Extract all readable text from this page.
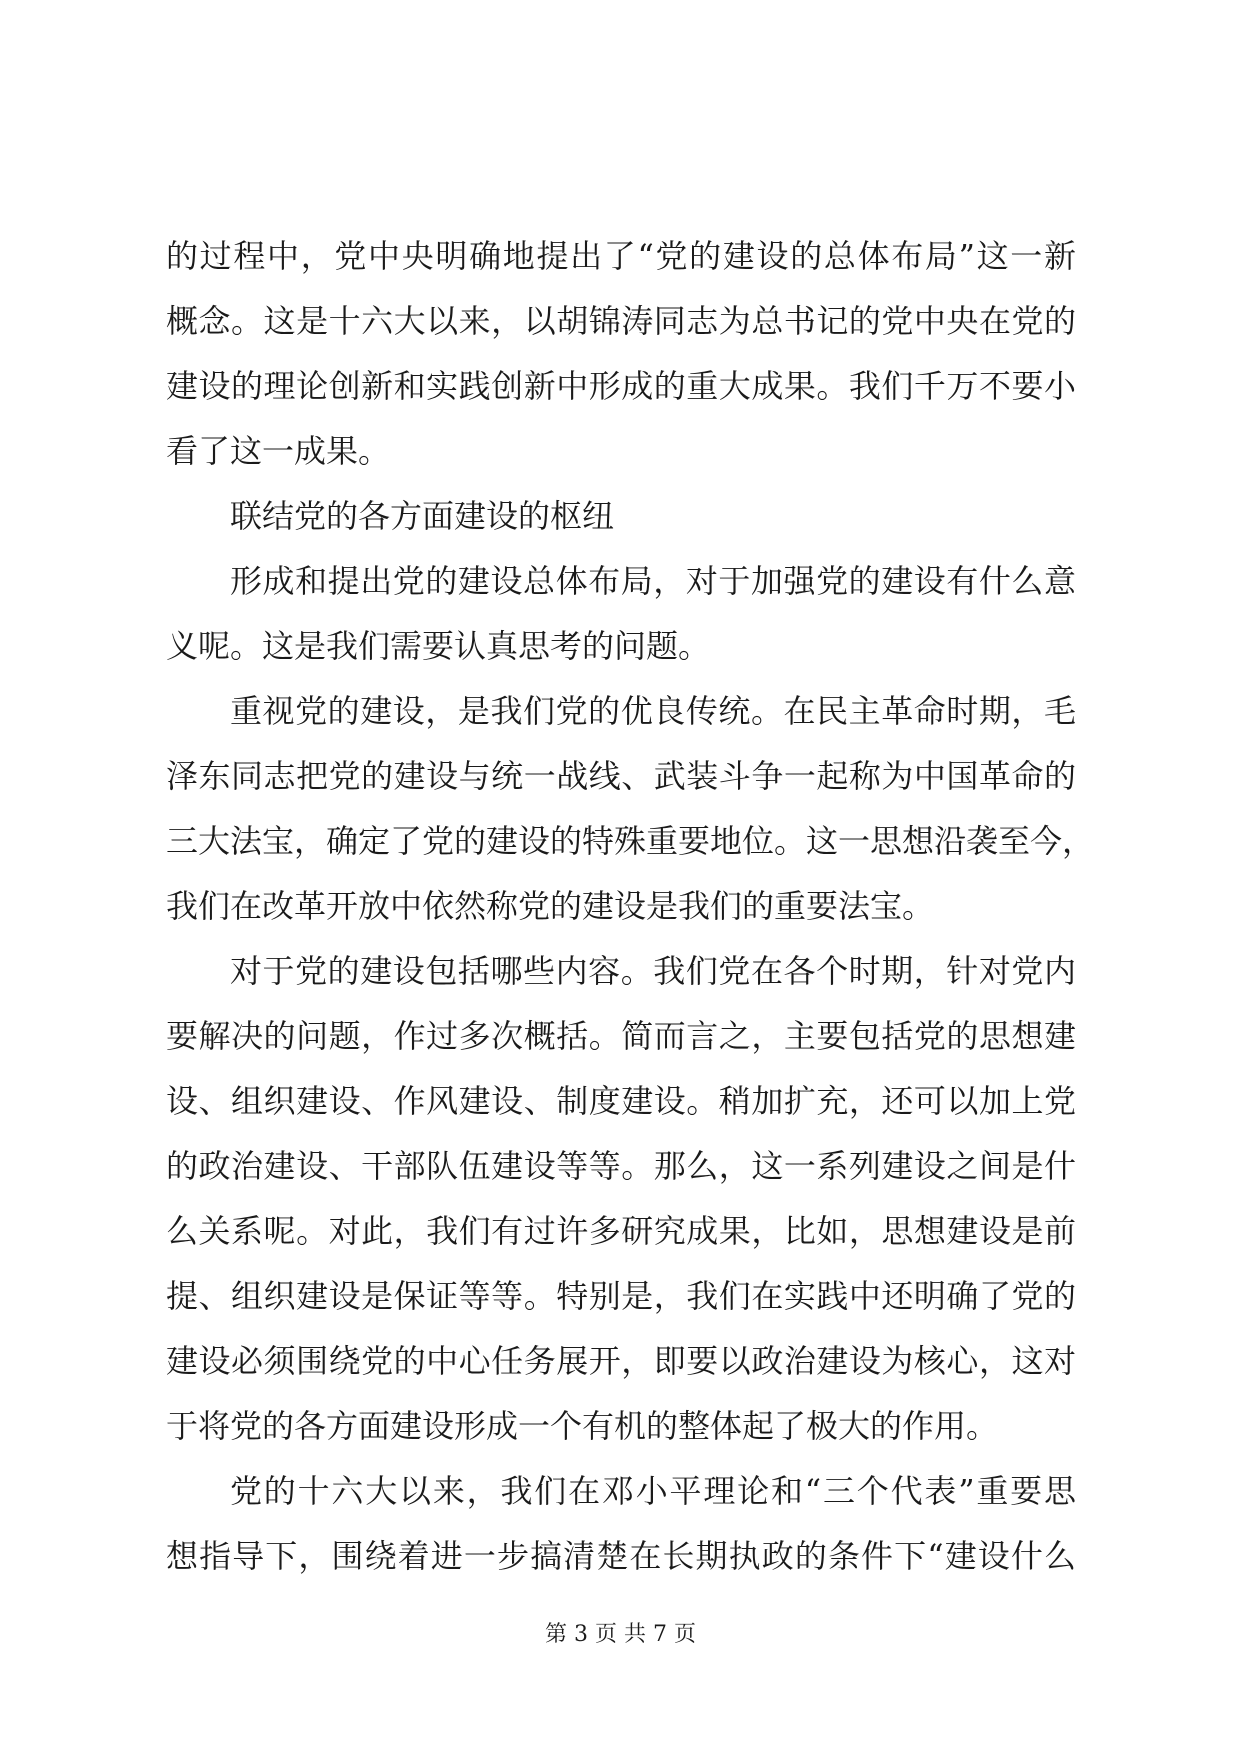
的过程中，党中央明确地提出了“党的建设的总体布局”这一新
概念。这是十六大以来，以胡锦涛同志为总书记的党中央在党的
建设的理论创新和实践创新中形成的重大成果。我们千万不要小
看了这一成果。
联结党的各方面建设的枢纽
形成和提出党的建设总体布局，对于加强党的建设有什么意
义呢。这是我们需要认真思考的问题。
重视党的建设，是我们党的优良传统。在民主革命时期，毛
泽东同志把党的建设与统一战线、武装斗争一起称为中国革命的
三大法宝，确定了党的建设的特殊重要地位。这一思想沿袭至今，
我们在改革开放中依然称党的建设是我们的重要法宝。
对于党的建设包括哪些内容。我们党在各个时期，针对党内
要解决的问题，作过多次概括。简而言之，主要包括党的思想建
设、组织建设、作风建设、制度建设。稍加扩充，还可以加上党
的政治建设、干部队伍建设等等。那么，这一系列建设之间是什
么关系呢。对此，我们有过许多研究成果，比如，思想建设是前
提、组织建设是保证等等。特别是，我们在实践中还明确了党的
建设必须围绕党的中心任务展开，即要以政治建设为核心，这对
于将党的各方面建设形成一个有机的整体起了极大的作用。
党的十六大以来，我们在邓小平理论和“三个代表”重要思
想指导下，围绕着进一步搞清楚在长期执政的条件下“建设什么
第 3 页 共 7 页
